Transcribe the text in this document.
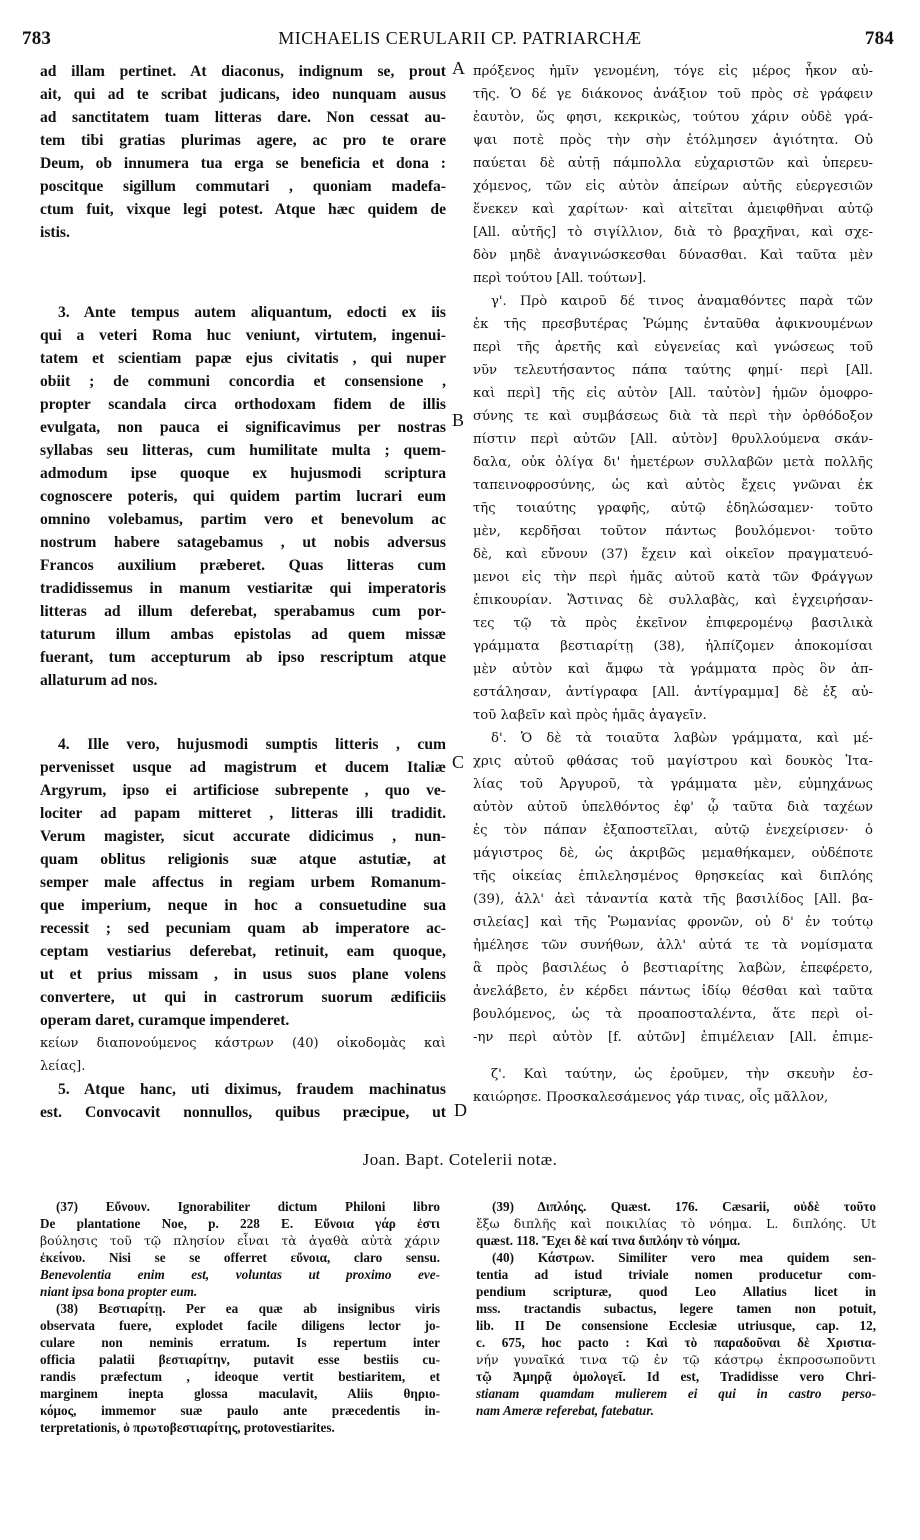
783	MICHAELIS CERULARII CP. PATRIARCHÆ	784
A
B
C
D
ad illam pertinet. At diaconus, indignum se, prout
ait, qui ad te scribat judicans, ideo nunquam ausus
ad sanctitatem tuam litteras dare. Non cessat au-
tem tibi gratias plurimas agere, ac pro te orare
Deum, ob innumera tua erga se beneficia et dona :
poscitque sigillum commutari , quoniam madefa-
ctum fuit, vixque legi potest. Atque hæc quidem de
istis.
3. Ante tempus autem aliquantum, edocti ex iis
qui a veteri Roma huc veniunt, virtutem, ingenui-
tatem et scientiam papæ ejus civitatis , qui nuper
obiit ; de communi concordia et consensione ,
propter scandala circa orthodoxam fidem de illis
evulgata, non pauca ei significavimus per nostras
syllabas seu litteras, cum humilitate multa ; quem-
admodum ipse quoque ex hujusmodi scriptura
cognoscere poteris, qui quidem partim lucrari eum
omnino volebamus, partim vero et benevolum ac
nostrum habere satagebamus , ut nobis adversus
Francos auxilium præberet. Quas litteras cum
tradidissemus in manum vestiaritæ qui imperatoris
litteras ad illum deferebat, sperabamus cum por-
taturum illum ambas epistolas ad quem missæ
fuerant, tum accepturum ab ipso rescriptum atque
allaturum ad nos.
4. Ille vero, hujusmodi sumptis litteris , cum
pervenisset usque ad magistrum et ducem Italiæ
Argyrum, ipso ei artificiose subrepente , quo ve-
lociter ad papam mitteret , litteras illi tradidit.
Verum magister, sicut accurate didicimus , nun-
quam oblitus religionis suæ atque astutiæ, at
semper male affectus in regiam urbem Romanum-
que imperium, neque in hoc a consuetudine sua
recessit ; sed pecuniam quam ab imperatore ac-
ceptam vestiarius deferebat, retinuit, eam quoque,
ut et prius missam , in usus suos plane volens
convertere, ut qui in castrorum suorum ædificiis
operam daret, curamque impenderet.
κείων διαπονούμενος κάστρων (40) οἰκοδομὰς καὶ
λείας].
5. Atque hanc, uti diximus, fraudem machinatus
est. Convocavit nonnullos, quibus præcipue, ut
πρόξενος ἡμῖν γενομένη, τόγε εἰς μέρος ἧκον αὐ-
τῆς. Ὁ δέ γε διάκονος ἀνάξιον τοῦ πρὸς σὲ γράφειν
ἑαυτὸν, ὥς φησι, κεκρικὼς, τούτου χάριν οὐδὲ γρά-
ψαι ποτὲ πρὸς τὴν σὴν ἐτόλμησεν ἁγιότητα. Οὐ
παύεται δὲ αὐτῇ πάμπολλα εὐχαριστῶν καὶ ὑπερευ-
χόμενος, τῶν εἰς αὐτὸν ἀπείρων αὐτῆς εὐεργεσιῶν
ἕνεκεν καὶ χαρίτων· καὶ αἰτεῖται ἀμειφθῆναι αὐτῷ
[All. αὐτῆς] τὸ σιγίλλιον, διὰ τὸ βραχῆναι, καὶ σχε-
δὸν μηδὲ ἀναγινώσκεσθαι δύνασθαι. Καὶ ταῦτα μὲν
περὶ τούτου [All. τούτων].
γ'. Πρὸ καιροῦ δέ τινος ἀναμαθόντες παρὰ τῶν
ἐκ τῆς πρεσβυτέρας Ῥώμης ἐνταῦθα ἀφικνουμένων
περὶ τῆς ἀρετῆς καὶ εὐγενείας καὶ γνώσεως τοῦ
νῦν τελευτήσαντος πάπα ταύτης φημί· περὶ [All.
καὶ περὶ] τῆς εἰς αὐτὸν [All. ταὐτὸν] ἡμῶν ὁμοφρο-
σύνης τε καὶ συμβάσεως διὰ τὰ περὶ τὴν ὀρθόδοξον
πίστιν περὶ αὐτῶν [All. αὐτὸν] θρυλλούμενα σκάν-
δαλα, οὐκ ὀλίγα δι' ἡμετέρων συλλαβῶν μετὰ πολλῆς
ταπεινοφροσύνης, ὡς καὶ αὐτὸς ἔχεις γνῶναι ἐκ
τῆς τοιαύτης γραφῆς, αὐτῷ ἐδηλώσαμεν· τοῦτο
μὲν, κερδῆσαι τοῦτον πάντως βουλόμενοι· τοῦτο
δὲ, καὶ εὔνουν (37) ἔχειν καὶ οἰκεῖον πραγματευό-
μενοι εἰς τὴν περὶ ἡμᾶς αὐτοῦ κατὰ τῶν Φράγγων
ἐπικουρίαν. Ἅστινας δὲ συλλαβὰς, καὶ ἐγχειρήσαν-
τες τῷ τὰ πρὸς ἐκεῖνον ἐπιφερομένῳ βασιλικὰ
γράμματα βεστιαρίτῃ (38), ἠλπίζομεν ἀποκομίσαι
μὲν αὐτὸν καὶ ἄμφω τὰ γράμματα πρὸς ὃν ἀπ-
εστάλησαν, ἀντίγραφα [All. ἀντίγραμμα] δὲ ἐξ αὐ-
τοῦ λαβεῖν καὶ πρὸς ἡμᾶς ἀγαγεῖν.
δ'. Ὁ δὲ τὰ τοιαῦτα λαβὼν γράμματα, καὶ μέ-
χρις αὐτοῦ φθάσας τοῦ μαγίστρου καὶ δουκὸς Ἰτα-
λίας τοῦ Ἀργυροῦ, τὰ γράμματα μὲν, εὐμηχάνως
αὐτὸν αὐτοῦ ὑπελθόντος ἐφ' ᾧ ταῦτα διὰ ταχέων
ἐς τὸν πάπαν ἐξαποστεῖλαι, αὐτῷ ἐνεχείρισεν· ὁ
μάγιστρος δὲ, ὡς ἀκριβῶς μεμαθήκαμεν, οὐδέποτε
τῆς οἰκείας ἐπιλελησμένος θρησκείας καὶ διπλόης
(39), ἀλλ' ἀεὶ τἀναντία κατὰ τῆς βασιλίδος [All. βα-
σιλείας] καὶ τῆς Ῥωμανίας φρονῶν, οὐ δ' ἐν τούτῳ
ἠμέλησε τῶν συνήθων, ἀλλ' αὐτά τε τὰ νομίσματα
ἃ πρὸς βασιλέως ὁ βεστιαρίτης λαβὼν, ἐπεφέρετο,
ἀνελάβετο, ἐν κέρδει πάντως ἰδίῳ θέσθαι καὶ ταῦτα
βουλόμενος, ὡς τὰ προαποσταλέντα, ἅτε περὶ οἰ-
-ην περὶ αὐτὸν [f. αὐτῶν] ἐπιμέλειαν [All. ἐπιμε-
ζ'. Καὶ ταύτην, ὡς ἐροῦμεν, τὴν σκευὴν ἐσ-
καιώρησε. Προσκαλεσάμενος γάρ τινας, οἷς μᾶλλον,
Joan. Bapt. Cotelerii notæ.
(37) Εὔνουν. Ignorabiliter dictum Philoni libro
De plantatione Noe, p. 228 E. Εὔνοια γάρ ἐστι
βούλησις τοῦ τῷ πλησίον εἶναι τὰ ἀγαθὰ αὐτὰ χάριν
ἐκείνου. Nisi se se offerret εὔνοια, claro sensu.
Benevolentia enim est, voluntas ut proximo eve-
niant ipsa bona propter eum.
(38) Βεστιαρίτῃ. Per ea quæ ab insignibus viris
observata fuere, explodet facile diligens lector jo-
culare non neminis erratum. Is repertum inter
officia palatii βεστιαρίτην, putavit esse bestiis cu-
randis præfectum , ideoque vertit bestiaritem, et
marginem inepta glossa maculavit, Aliis θηριο-
κόμος, immemor suæ paulo ante præcedentis in-
terpretationis, ὁ πρωτοβεστιαρίτης, protovestiarites.
(39) Διπλόης. Quæst. 176. Cæsarii, οὐδὲ τοῦτο
ἔξω διπλῆς καὶ ποικιλίας τὸ νόημα. L. διπλόης. Ut
quæst. 118. Ἔχει δὲ καί τινα διπλόην τὸ νόημα.
(40) Κάστρων. Similiter vero mea quidem sen-
tentia ad istud triviale nomen producetur com-
pendium scripturæ, quod Leo Allatius licet in
mss. tractandis subactus, legere tamen non potuit,
lib. II De consensione Ecclesiæ utriusque, cap. 12,
c. 675, hoc pacto : Καὶ τὸ παραδοῦναι δὲ Χριστια-
νήν γυναῖκά τινα τῷ ἐν τῷ κάστρῳ ἐκπροσωποῦντι
τῷ Ἀμηρᾷ ὁμολογεῖ. Id est, Tradidisse vero Chri-
stianam quamdam mulierem ei qui in castro perso-
nam Ameræ referebat, fatebatur.
